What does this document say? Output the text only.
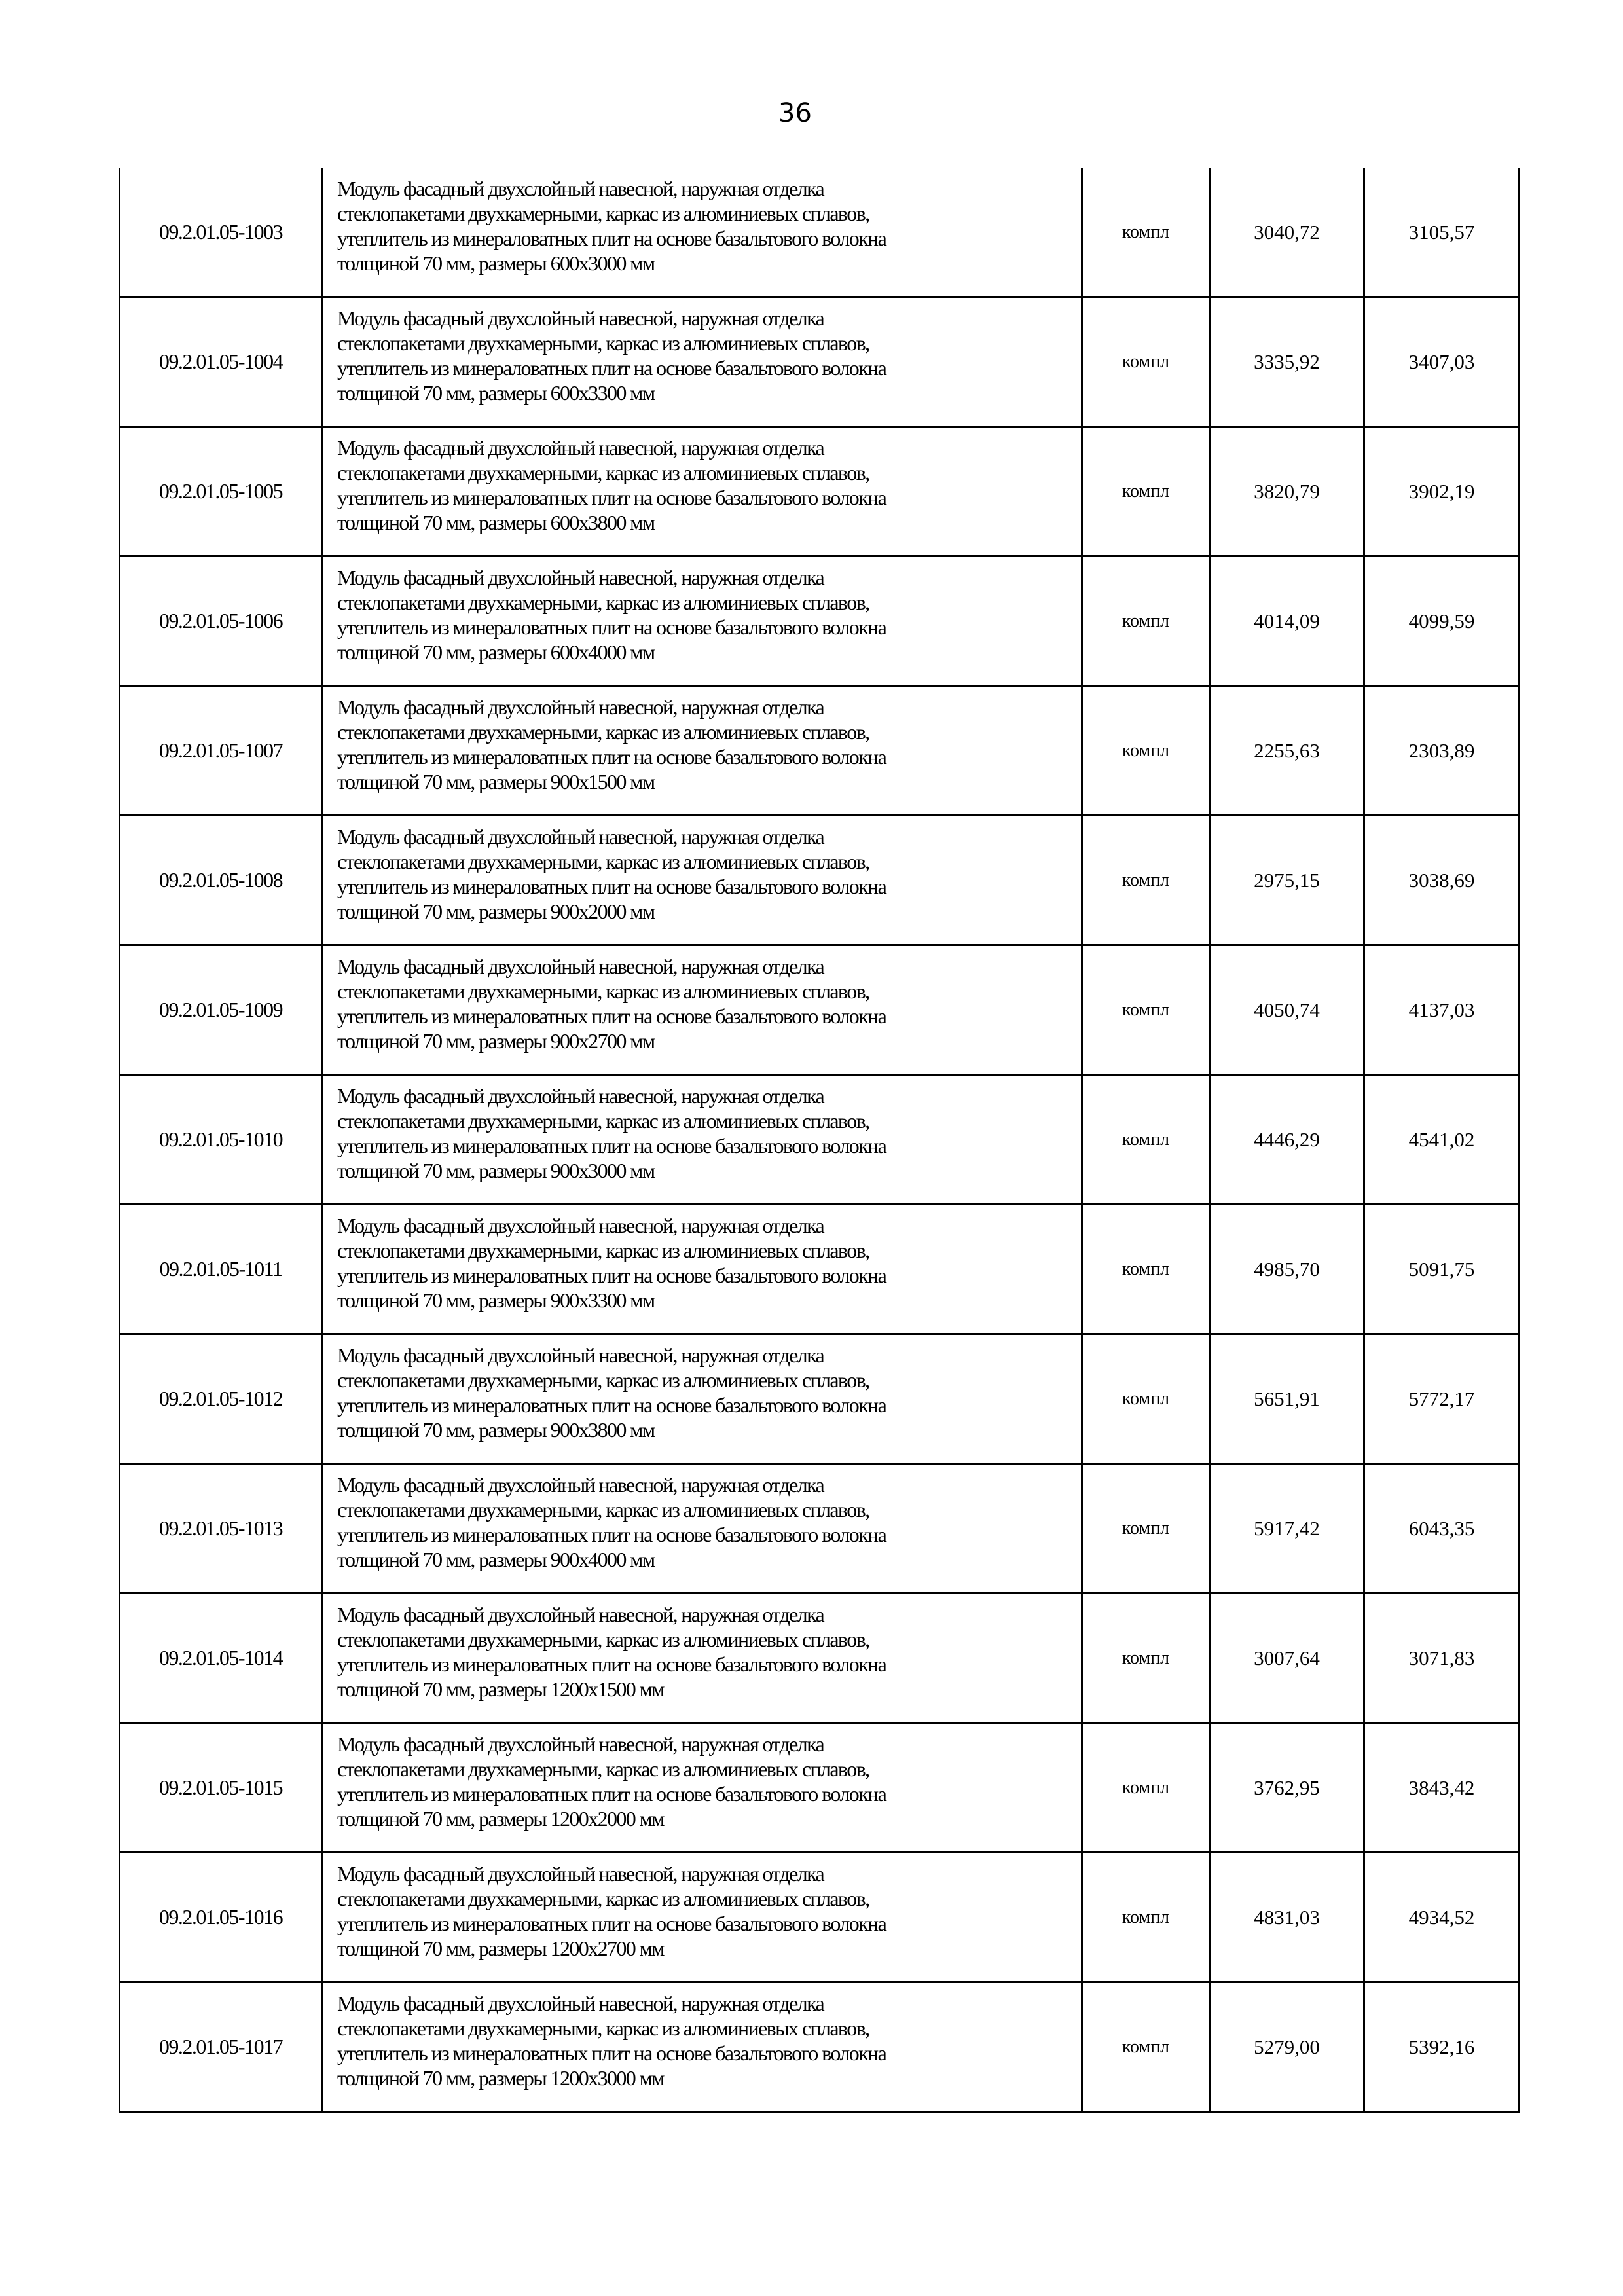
36
09.2.01.05-1003	Модуль фасадный двухслойный навесной, наружная отделка
стеклопакетами двухкамерными, каркас из алюминиевых сплавов,
утеплитель из минераловатных плит на основе базальтового волокна
толщиной 70 мм, размеры 600х3000 мм	компл	3040,72	3105,57
09.2.01.05-1004	Модуль фасадный двухслойный навесной, наружная отделка
стеклопакетами двухкамерными, каркас из алюминиевых сплавов,
утеплитель из минераловатных плит на основе базальтового волокна
толщиной 70 мм, размеры 600х3300 мм	компл	3335,92	3407,03
09.2.01.05-1005	Модуль фасадный двухслойный навесной, наружная отделка
стеклопакетами двухкамерными, каркас из алюминиевых сплавов,
утеплитель из минераловатных плит на основе базальтового волокна
толщиной 70 мм, размеры 600х3800 мм	компл	3820,79	3902,19
09.2.01.05-1006	Модуль фасадный двухслойный навесной, наружная отделка
стеклопакетами двухкамерными, каркас из алюминиевых сплавов,
утеплитель из минераловатных плит на основе базальтового волокна
толщиной 70 мм, размеры 600х4000 мм	компл	4014,09	4099,59
09.2.01.05-1007	Модуль фасадный двухслойный навесной, наружная отделка
стеклопакетами двухкамерными, каркас из алюминиевых сплавов,
утеплитель из минераловатных плит на основе базальтового волокна
толщиной 70 мм, размеры 900х1500 мм	компл	2255,63	2303,89
09.2.01.05-1008	Модуль фасадный двухслойный навесной, наружная отделка
стеклопакетами двухкамерными, каркас из алюминиевых сплавов,
утеплитель из минераловатных плит на основе базальтового волокна
толщиной 70 мм, размеры 900х2000 мм	компл	2975,15	3038,69
09.2.01.05-1009	Модуль фасадный двухслойный навесной, наружная отделка
стеклопакетами двухкамерными, каркас из алюминиевых сплавов,
утеплитель из минераловатных плит на основе базальтового волокна
толщиной 70 мм, размеры 900х2700 мм	компл	4050,74	4137,03
09.2.01.05-1010	Модуль фасадный двухслойный навесной, наружная отделка
стеклопакетами двухкамерными, каркас из алюминиевых сплавов,
утеплитель из минераловатных плит на основе базальтового волокна
толщиной 70 мм, размеры 900х3000 мм	компл	4446,29	4541,02
09.2.01.05-1011	Модуль фасадный двухслойный навесной, наружная отделка
стеклопакетами двухкамерными, каркас из алюминиевых сплавов,
утеплитель из минераловатных плит на основе базальтового волокна
толщиной 70 мм, размеры 900х3300 мм	компл	4985,70	5091,75
09.2.01.05-1012	Модуль фасадный двухслойный навесной, наружная отделка
стеклопакетами двухкамерными, каркас из алюминиевых сплавов,
утеплитель из минераловатных плит на основе базальтового волокна
толщиной 70 мм, размеры 900х3800 мм	компл	5651,91	5772,17
09.2.01.05-1013	Модуль фасадный двухслойный навесной, наружная отделка
стеклопакетами двухкамерными, каркас из алюминиевых сплавов,
утеплитель из минераловатных плит на основе базальтового волокна
толщиной 70 мм, размеры 900х4000 мм	компл	5917,42	6043,35
09.2.01.05-1014	Модуль фасадный двухслойный навесной, наружная отделка
стеклопакетами двухкамерными, каркас из алюминиевых сплавов,
утеплитель из минераловатных плит на основе базальтового волокна
толщиной 70 мм, размеры 1200х1500 мм	компл	3007,64	3071,83
09.2.01.05-1015	Модуль фасадный двухслойный навесной, наружная отделка
стеклопакетами двухкамерными, каркас из алюминиевых сплавов,
утеплитель из минераловатных плит на основе базальтового волокна
толщиной 70 мм, размеры 1200х2000 мм	компл	3762,95	3843,42
09.2.01.05-1016	Модуль фасадный двухслойный навесной, наружная отделка
стеклопакетами двухкамерными, каркас из алюминиевых сплавов,
утеплитель из минераловатных плит на основе базальтового волокна
толщиной 70 мм, размеры 1200х2700 мм	компл	4831,03	4934,52
09.2.01.05-1017	Модуль фасадный двухслойный навесной, наружная отделка
стеклопакетами двухкамерными, каркас из алюминиевых сплавов,
утеплитель из минераловатных плит на основе базальтового волокна
толщиной 70 мм, размеры 1200х3000 мм	компл	5279,00	5392,16
